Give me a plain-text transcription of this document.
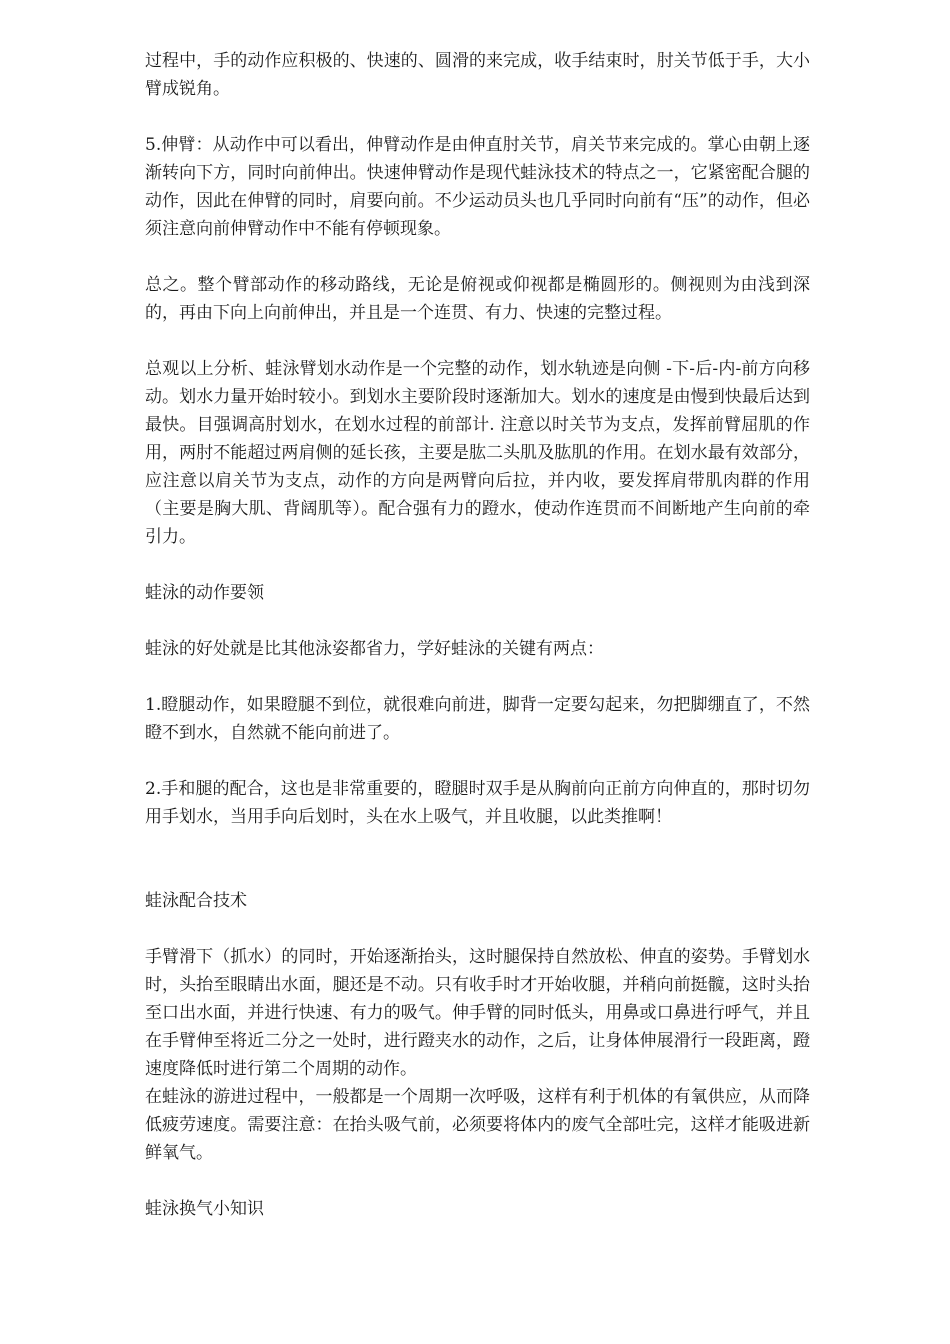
过程中，手的动作应积极的、快速的、圆滑的来完成，收手结束时，肘关节低于手，大小臂成锐角。

5.伸臂：从动作中可以看出，伸臂动作是由伸直肘关节，肩关节来完成的。掌心由朝上逐渐转向下方，同时向前伸出。快速伸臂动作是现代蛙泳技术的特点之一，它紧密配合腿的动作，因此在伸臂的同时，肩要向前。不少运动员头也几乎同时向前有“压”的动作，但必须注意向前伸臂动作中不能有停顿现象。

总之。整个臂部动作的移动路线，无论是俯视或仰视都是椭圆形的。侧视则为由浅到深的，再由下向上向前伸出，并且是一个连贯、有力、快速的完整过程。

总观以上分析、蛙泳臂划水动作是一个完整的动作，划水轨迹是向侧 -下-后-内-前方向移动。划水力量开始时较小。到划水主要阶段时逐渐加大。划水的速度是由慢到快最后达到最快。目强调高肘划水，在划水过程的前部计. 注意以时关节为支点，发挥前臂屈肌的作用，两肘不能超过两肩侧的延长孩，主要是肱二头肌及肱肌的作用。在划水最有效部分，应注意以肩关节为支点，动作的方向是两臂向后拉，并内收，要发挥肩带肌肉群的作用（主要是胸大肌、背阔肌等）。配合强有力的蹬水，使动作连贯而不间断地产生向前的牵引力。

蛙泳的动作要领

蛙泳的好处就是比其他泳姿都省力，学好蛙泳的关键有两点：

1.瞪腿动作，如果瞪腿不到位，就很难向前进，脚背一定要勾起来，勿把脚绷直了，不然瞪不到水，自然就不能向前进了。

2.手和腿的配合，这也是非常重要的，瞪腿时双手是从胸前向正前方向伸直的，那时切勿用手划水，当用手向后划时，头在水上吸气，并且收腿，以此类推啊！

蛙泳配合技术

手臂滑下（抓水）的同时，开始逐渐抬头，这时腿保持自然放松、伸直的姿势。手臂划水时，头抬至眼睛出水面，腿还是不动。只有收手时才开始收腿，并稍向前挺髋，这时头抬至口出水面，并进行快速、有力的吸气。伸手臂的同时低头，用鼻或口鼻进行呼气，并且在手臂伸至将近二分之一处时，进行蹬夹水的动作，之后，让身体伸展滑行一段距离，蹬速度降低时进行第二个周期的动作。

在蛙泳的游进过程中，一般都是一个周期一次呼吸，这样有利于机体的有氧供应，从而降低疲劳速度。需要注意：在抬头吸气前，必须要将体内的废气全部吐完，这样才能吸进新鲜氧气。

蛙泳换气小知识
